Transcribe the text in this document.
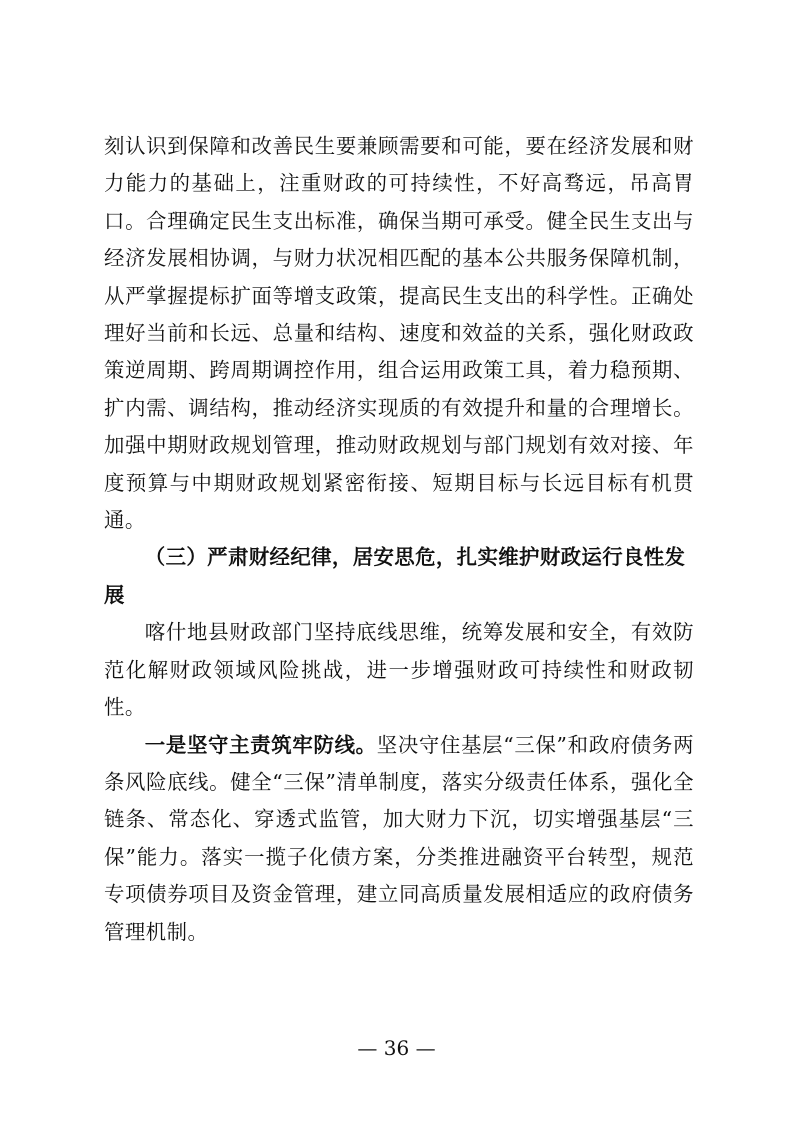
刻认识到保障和改善民生要兼顾需要和可能，要在经济发展和财力能力的基础上，注重财政的可持续性，不好高骛远，吊高胃口。合理确定民生支出标准，确保当期可承受。健全民生支出与经济发展相协调，与财力状况相匹配的基本公共服务保障机制，从严掌握提标扩面等增支政策，提高民生支出的科学性。正确处理好当前和长远、总量和结构、速度和效益的关系，强化财政政策逆周期、跨周期调控作用，组合运用政策工具，着力稳预期、扩内需、调结构，推动经济实现质的有效提升和量的合理增长。加强中期财政规划管理，推动财政规划与部门规划有效对接、年度预算与中期财政规划紧密衔接、短期目标与长远目标有机贯通。

（三）严肃财经纪律，居安思危，扎实维护财政运行良性发展

喀什地县财政部门坚持底线思维，统筹发展和安全，有效防范化解财政领域风险挑战，进一步增强财政可持续性和财政韧性。

一是坚守主责筑牢防线。坚决守住基层“三保”和政府债务两条风险底线。健全“三保”清单制度，落实分级责任体系，强化全链条、常态化、穿透式监管，加大财力下沉，切实增强基层“三保”能力。落实一揽子化债方案，分类推进融资平台转型，规范专项债券项目及资金管理，建立同高质量发展相适应的政府债务管理机制。

— 36 —
